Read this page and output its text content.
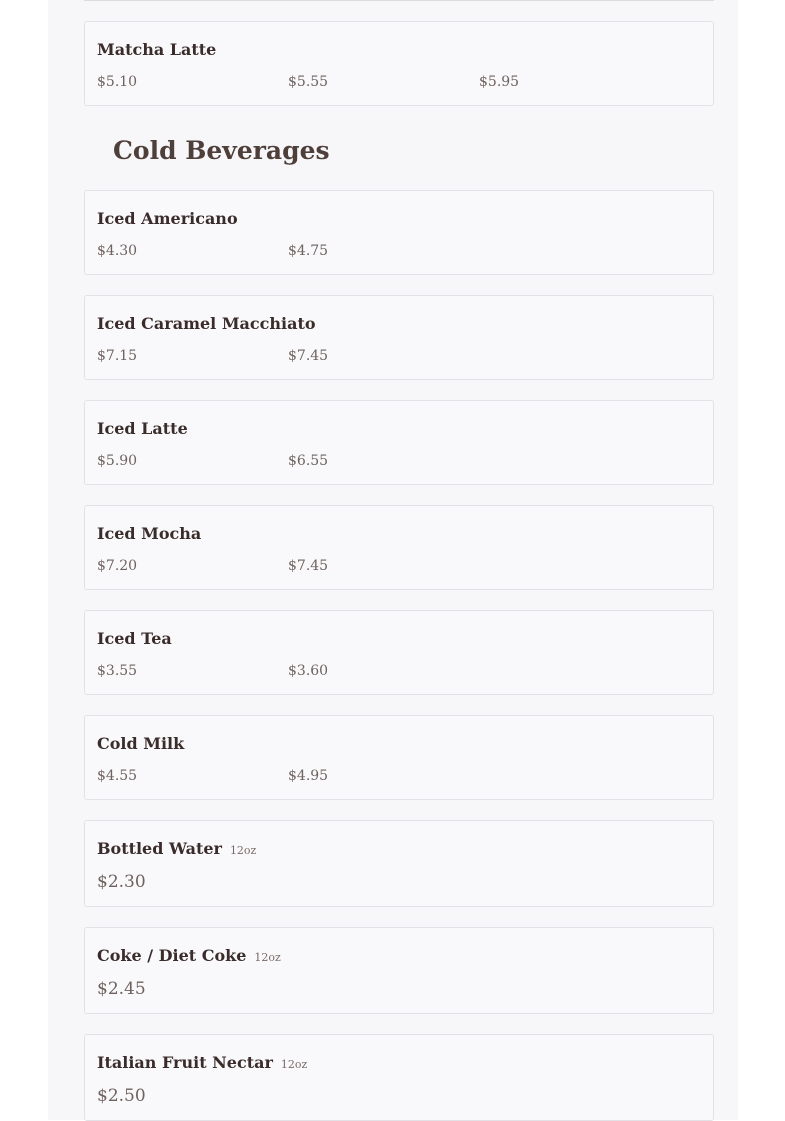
Matcha Latte
$5.10	$5.55	$5.95
Cold Beverages
Iced Americano
$4.30	$4.75
Iced Caramel Macchiato
$7.15	$7.45
Iced Latte
$5.90	$6.55
Iced Mocha
$7.20	$7.45
Iced Tea
$3.55	$3.60
Cold Milk
$4.55	$4.95
Bottled Water 12oz
$2.30
Coke / Diet Coke 12oz
$2.45
Italian Fruit Nectar 12oz
$2.50
